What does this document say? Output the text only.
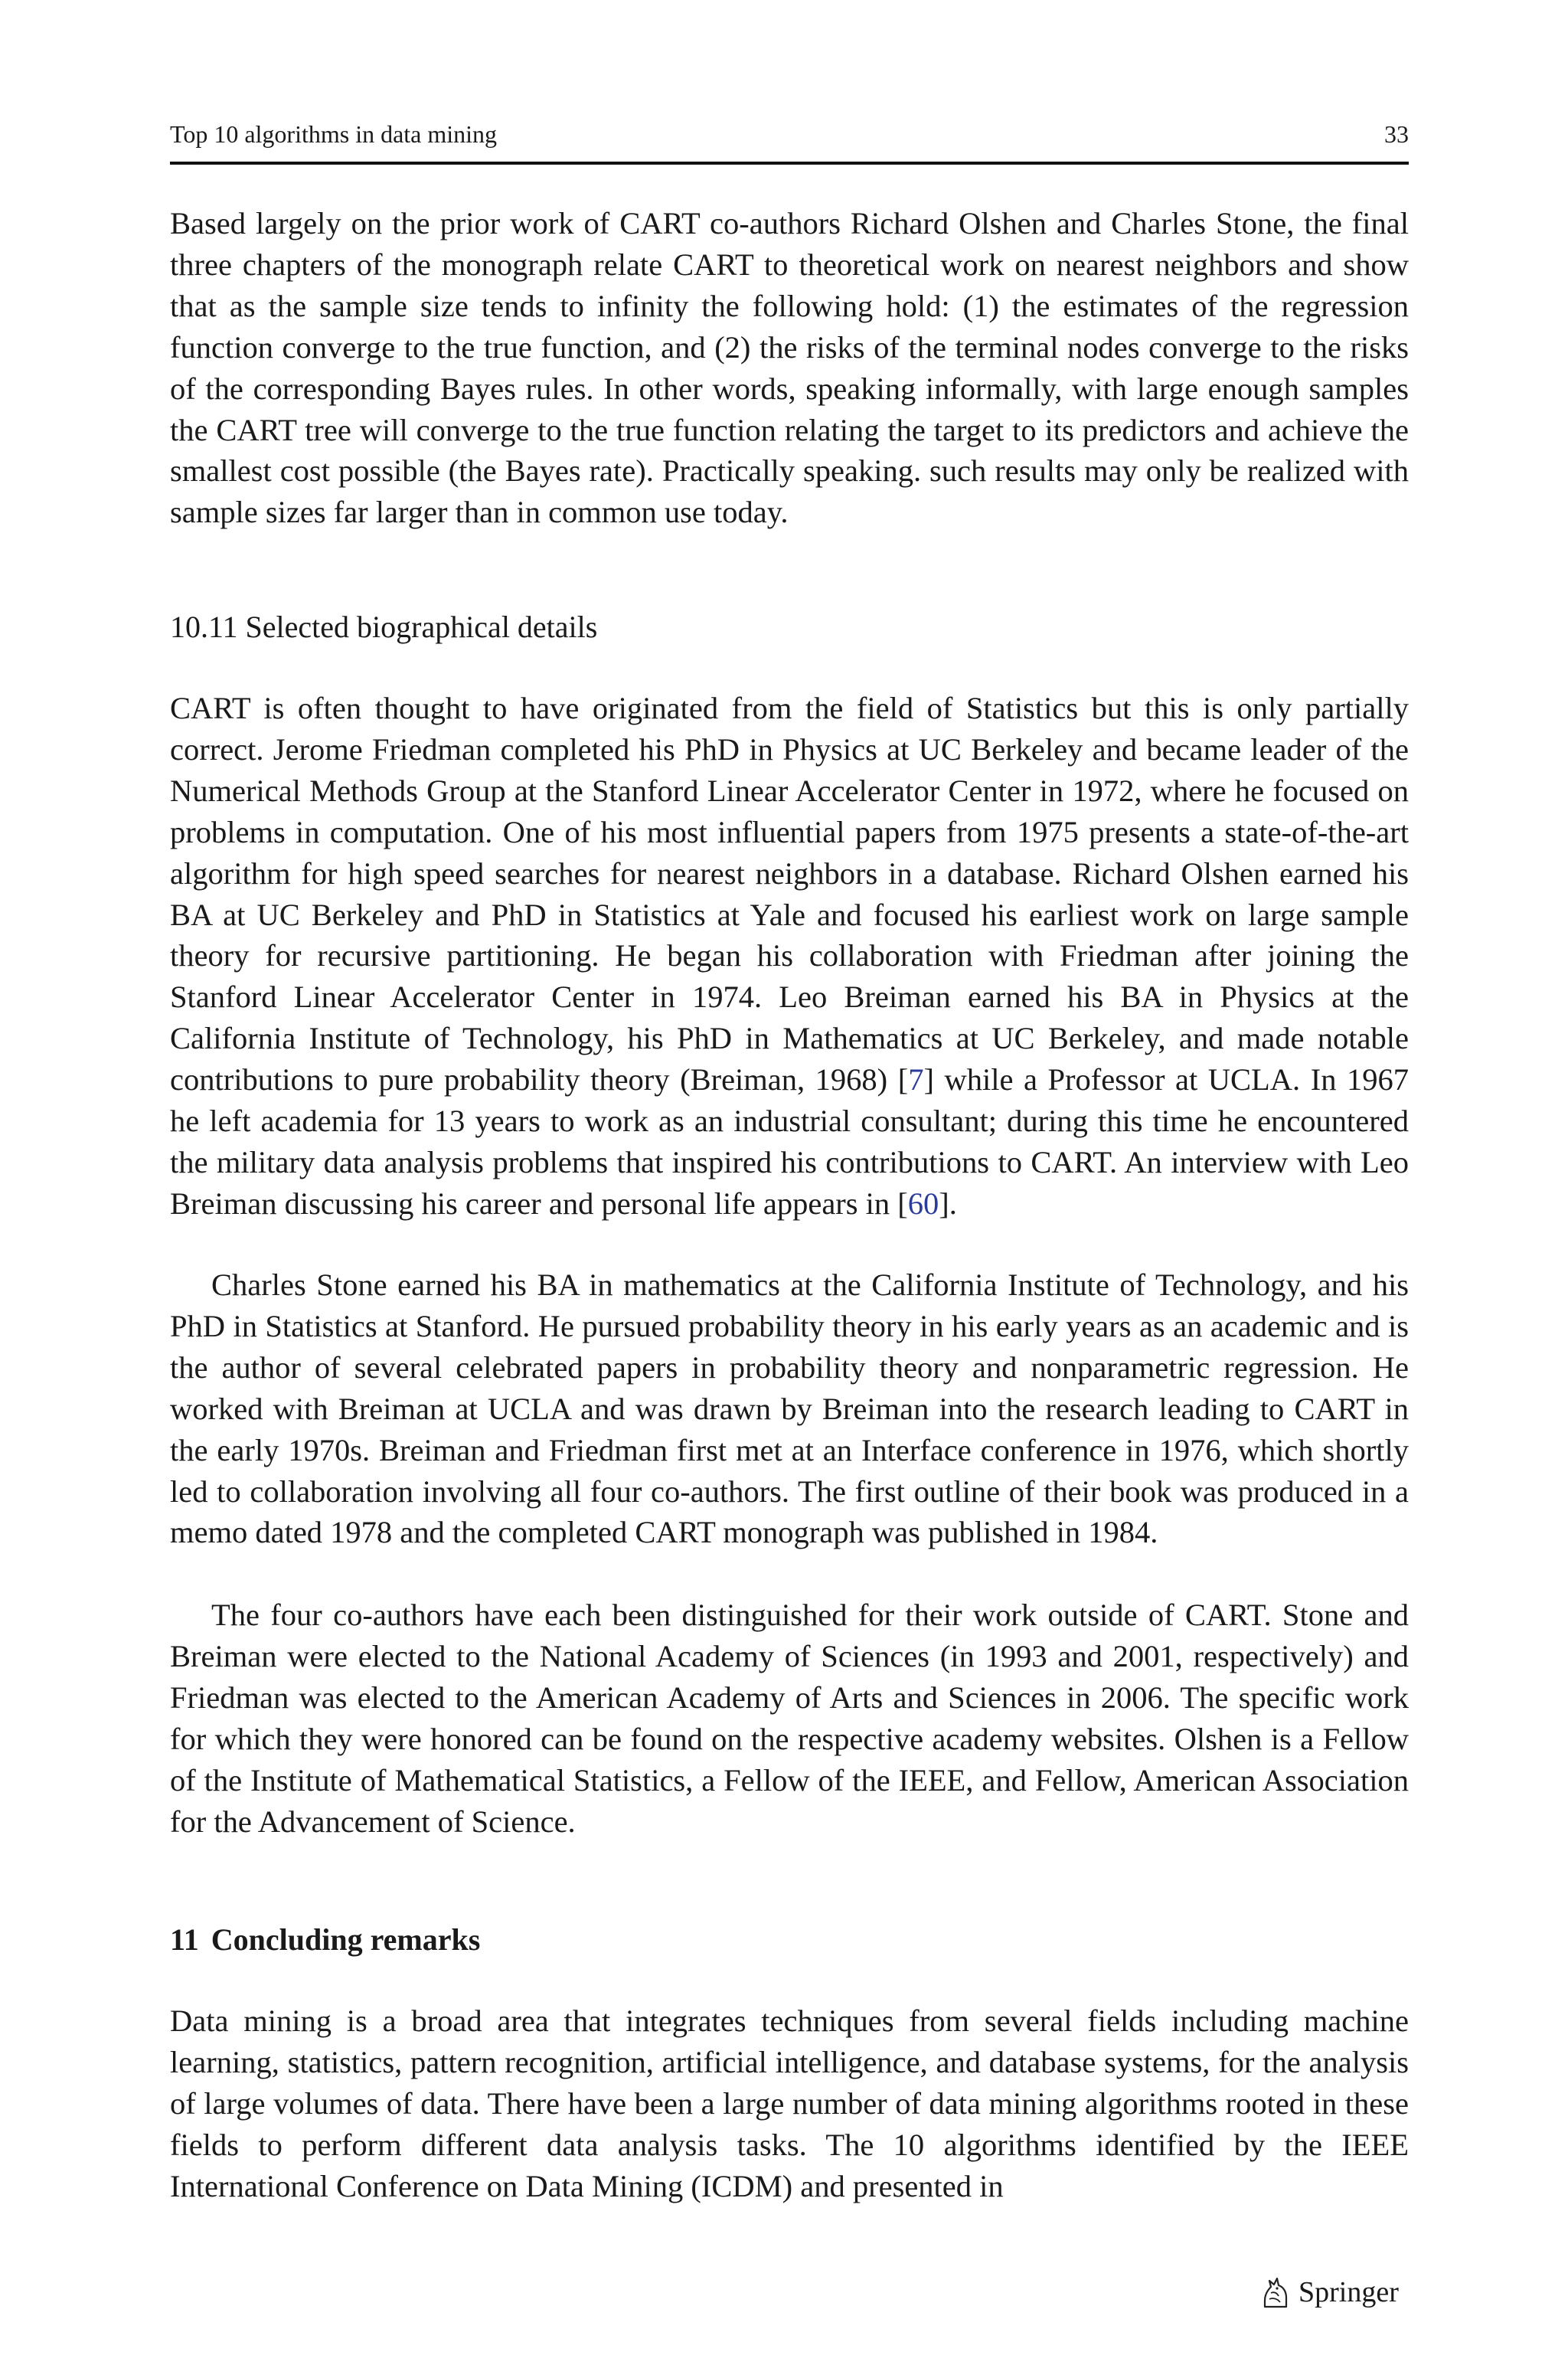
Top 10 algorithms in data mining	33

Based largely on the prior work of CART co-authors Richard Olshen and Charles Stone, the final three chapters of the monograph relate CART to theoretical work on nearest neighbors and show that as the sample size tends to infinity the following hold: (1) the estimates of the regression function converge to the true function, and (2) the risks of the terminal nodes converge to the risks of the corresponding Bayes rules. In other words, speaking informally, with large enough samples the CART tree will converge to the true function relating the target to its predictors and achieve the smallest cost possible (the Bayes rate). Practically speaking. such results may only be realized with sample sizes far larger than in common use today.

10.11 Selected biographical details

CART is often thought to have originated from the field of Statistics but this is only partially correct. Jerome Friedman completed his PhD in Physics at UC Berkeley and became leader of the Numerical Methods Group at the Stanford Linear Accelerator Center in 1972, where he focused on problems in computation. One of his most influential papers from 1975 presents a state-of-the-art algorithm for high speed searches for nearest neighbors in a database. Richard Olshen earned his BA at UC Berkeley and PhD in Statistics at Yale and focused his earliest work on large sample theory for recursive partitioning. He began his collaboration with Friedman after joining the Stanford Linear Accelerator Center in 1974. Leo Breiman earned his BA in Physics at the California Institute of Technology, his PhD in Mathematics at UC Berkeley, and made notable contributions to pure probability theory (Breiman, 1968) [7] while a Professor at UCLA. In 1967 he left academia for 13 years to work as an industrial consultant; during this time he encountered the military data analysis problems that inspired his contributions to CART. An interview with Leo Breiman discussing his career and personal life appears in [60].

Charles Stone earned his BA in mathematics at the California Institute of Technology, and his PhD in Statistics at Stanford. He pursued probability theory in his early years as an academic and is the author of several celebrated papers in probability theory and nonparametric regression. He worked with Breiman at UCLA and was drawn by Breiman into the research leading to CART in the early 1970s. Breiman and Friedman first met at an Interface conference in 1976, which shortly led to collaboration involving all four co-authors. The first outline of their book was produced in a memo dated 1978 and the completed CART monograph was published in 1984.

The four co-authors have each been distinguished for their work outside of CART. Stone and Breiman were elected to the National Academy of Sciences (in 1993 and 2001, respectively) and Friedman was elected to the American Academy of Arts and Sciences in 2006. The specific work for which they were honored can be found on the respective academy websites. Olshen is a Fellow of the Institute of Mathematical Statistics, a Fellow of the IEEE, and Fellow, American Association for the Advancement of Science.

11 Concluding remarks

Data mining is a broad area that integrates techniques from several fields including machine learning, statistics, pattern recognition, artificial intelligence, and database systems, for the analysis of large volumes of data. There have been a large number of data mining algorithms rooted in these fields to perform different data analysis tasks. The 10 algorithms identified by the IEEE International Conference on Data Mining (ICDM) and presented in

Springer
